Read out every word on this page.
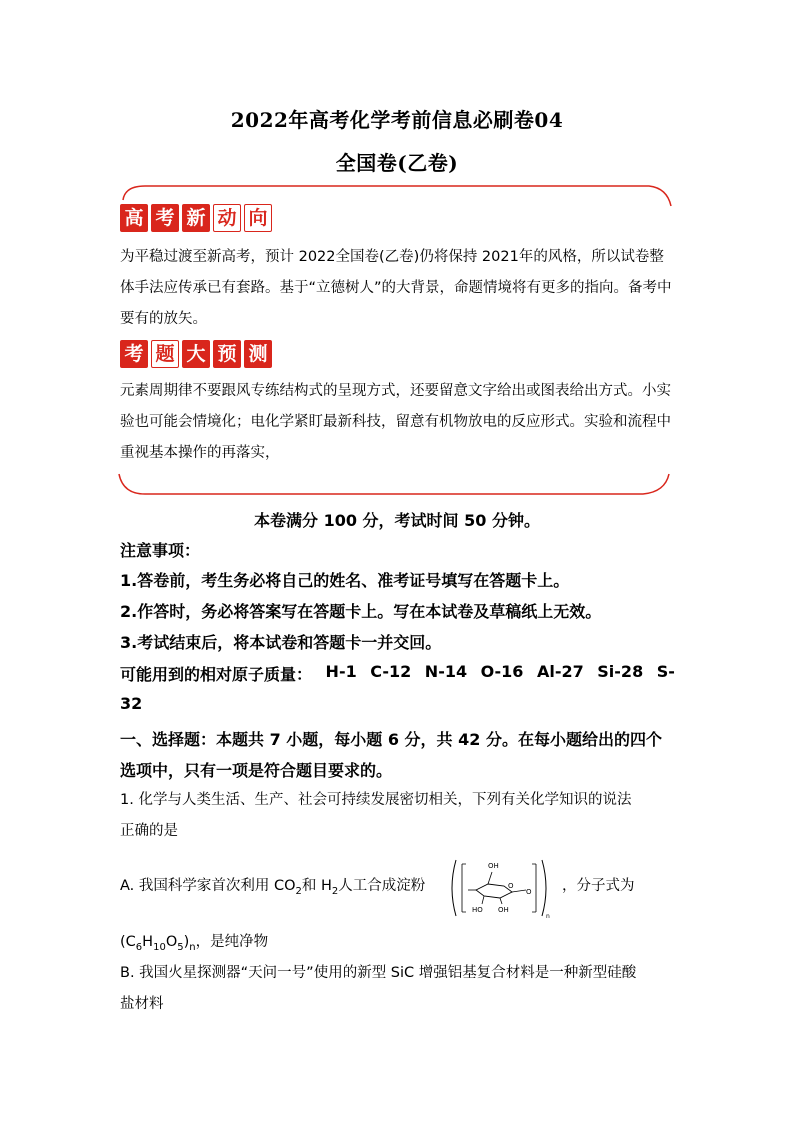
2022年高考化学考前信息必刷卷04
全国卷(乙卷)
高 考 新 动 向
为平稳过渡至新高考，预计 2022全国卷(乙卷)仍将保持 2021年的风格，所以试卷整体手法应传承已有套路。基于“立德树人”的大背景，命题情境将有更多的指向。备考中要有的放矢。
考 题 大 预 测
元素周期律不要跟风专练结构式的呈现方式，还要留意文字给出或图表给出方式。小实验也可能会情境化；电化学紧盯最新科技，留意有机物放电的反应形式。实验和流程中重视基本操作的再落实，
本卷满分 100 分，考试时间 50 分钟。
注意事项：
1.答卷前，考生务必将自己的姓名、准考证号填写在答题卡上。
2.作答时，务必将答案写在答题卡上。写在本试卷及草稿纸上无效。
3.考试结束后，将本试卷和答题卡一并交回。
可能用到的相对原子质量： H-1 C-12 N-14 O-16 Al-27 Si-28 S-
32
一、选择题：本题共 7 小题，每小题 6 分，共 42 分。在每小题给出的四个选项中，只有一项是符合题目要求的。
1. 化学与人类生活、生产、社会可持续发展密切相关，下列有关化学知识的说法
正确的是
A. 我国科学家首次利用 $CO_2$和 $H_2$人工合成淀粉	，分子式为
OH
HO OH
O
O
n
$(C_6H_{10}O_5)_n$，是纯净物
B. 我国火星探测器“天问一号”使用的新型 SiC 增强铝基复合材料是一种新型硅酸
盐材料
